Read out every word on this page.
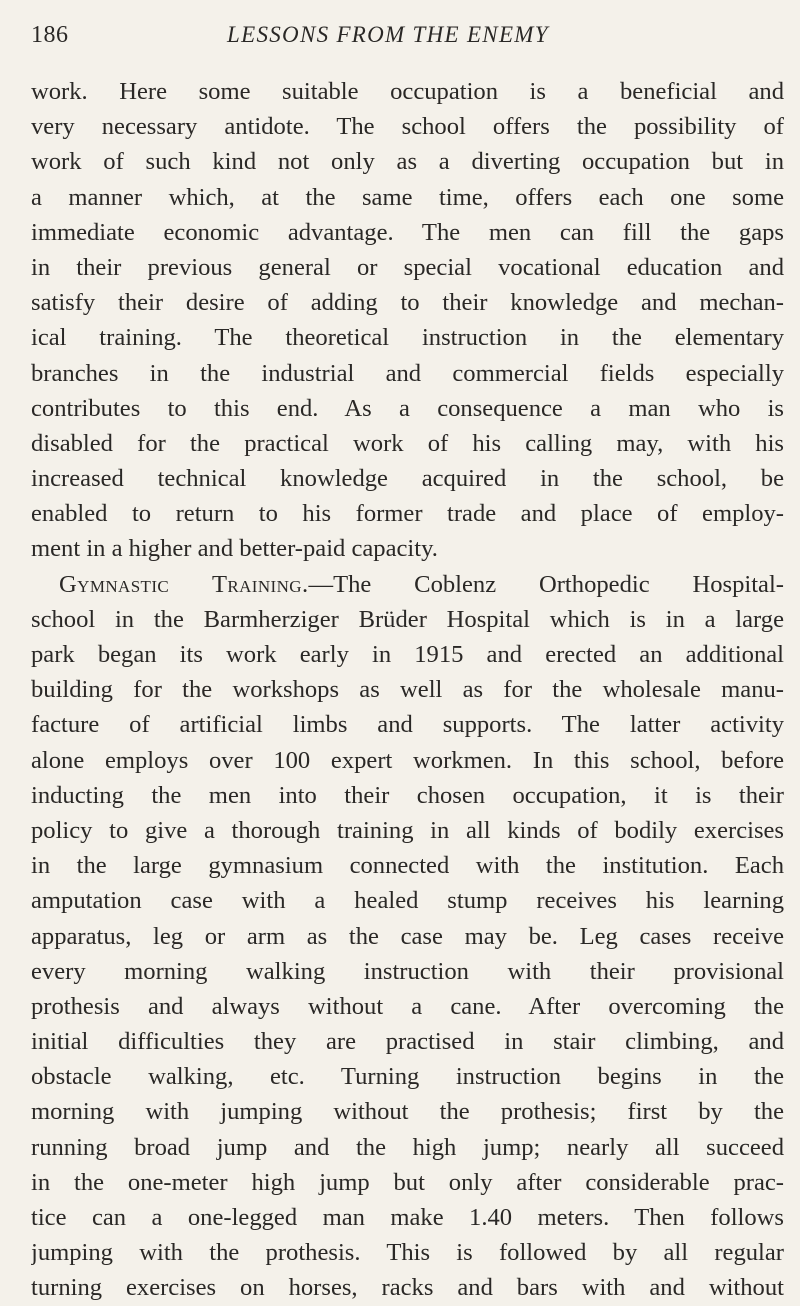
186	LESSONS FROM THE ENEMY
work. Here some suitable occupation is a beneficial and
very necessary antidote. The school offers the possibility of
work of such kind not only as a diverting occupation but in
a manner which, at the same time, offers each one some
immediate economic advantage. The men can fill the gaps
in their previous general or special vocational education and
satisfy their desire of adding to their knowledge and mechan-
ical training. The theoretical instruction in the elementary
branches in the industrial and commercial fields especially
contributes to this end. As a consequence a man who is
disabled for the practical work of his calling may, with his
increased technical knowledge acquired in the school, be
enabled to return to his former trade and place of employ-
ment in a higher and better-paid capacity.
Gymnastic Training.—The Coblenz Orthopedic Hospital-
school in the Barmherziger Brüder Hospital which is in a large
park began its work early in 1915 and erected an additional
building for the workshops as well as for the wholesale manu-
facture of artificial limbs and supports. The latter activity
alone employs over 100 expert workmen. In this school, before
inducting the men into their chosen occupation, it is their
policy to give a thorough training in all kinds of bodily exercises
in the large gymnasium connected with the institution. Each
amputation case with a healed stump receives his learning
apparatus, leg or arm as the case may be. Leg cases receive
every morning walking instruction with their provisional
prothesis and always without a cane. After overcoming the
initial difficulties they are practised in stair climbing, and
obstacle walking, etc. Turning instruction begins in the
morning with jumping without the prothesis; first by the
running broad jump and the high jump; nearly all succeed
in the one-meter high jump but only after considerable prac-
tice can a one-legged man make 1.40 meters. Then follows
jumping with the prothesis. This is followed by all regular
turning exercises on horses, racks and bars with and without
